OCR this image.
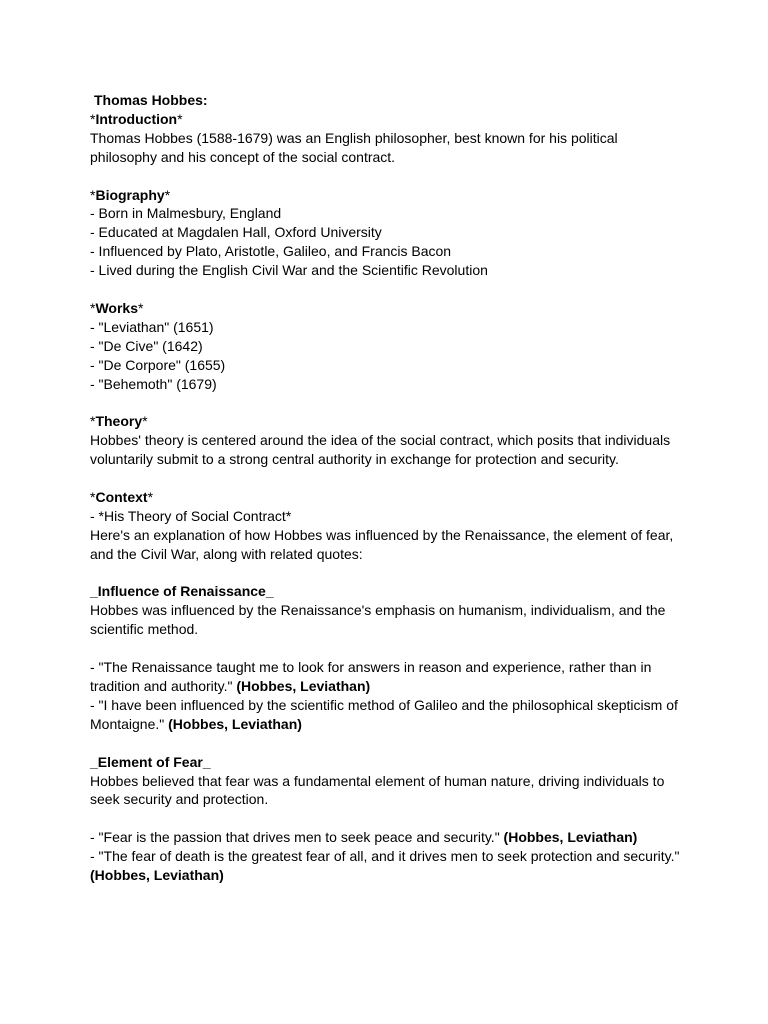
Thomas Hobbes:
*Introduction*
Thomas Hobbes (1588-1679) was an English philosopher, best known for his political
philosophy and his concept of the social contract.
*Biography*
- Born in Malmesbury, England
- Educated at Magdalen Hall, Oxford University
- Influenced by Plato, Aristotle, Galileo, and Francis Bacon
- Lived during the English Civil War and the Scientific Revolution
*Works*
- "Leviathan" (1651)
- "De Cive" (1642)
- "De Corpore" (1655)
- "Behemoth" (1679)
*Theory*
Hobbes' theory is centered around the idea of the social contract, which posits that individuals
voluntarily submit to a strong central authority in exchange for protection and security.
*Context*
- *His Theory of Social Contract*
Here's an explanation of how Hobbes was influenced by the Renaissance, the element of fear,
and the Civil War, along with related quotes:
_Influence of Renaissance_
Hobbes was influenced by the Renaissance's emphasis on humanism, individualism, and the
scientific method.
- "The Renaissance taught me to look for answers in reason and experience, rather than in
tradition and authority." (Hobbes, Leviathan)
- "I have been influenced by the scientific method of Galileo and the philosophical skepticism of
Montaigne." (Hobbes, Leviathan)
_Element of Fear_
Hobbes believed that fear was a fundamental element of human nature, driving individuals to
seek security and protection.
- "Fear is the passion that drives men to seek peace and security." (Hobbes, Leviathan)
- "The fear of death is the greatest fear of all, and it drives men to seek protection and security."
(Hobbes, Leviathan)
